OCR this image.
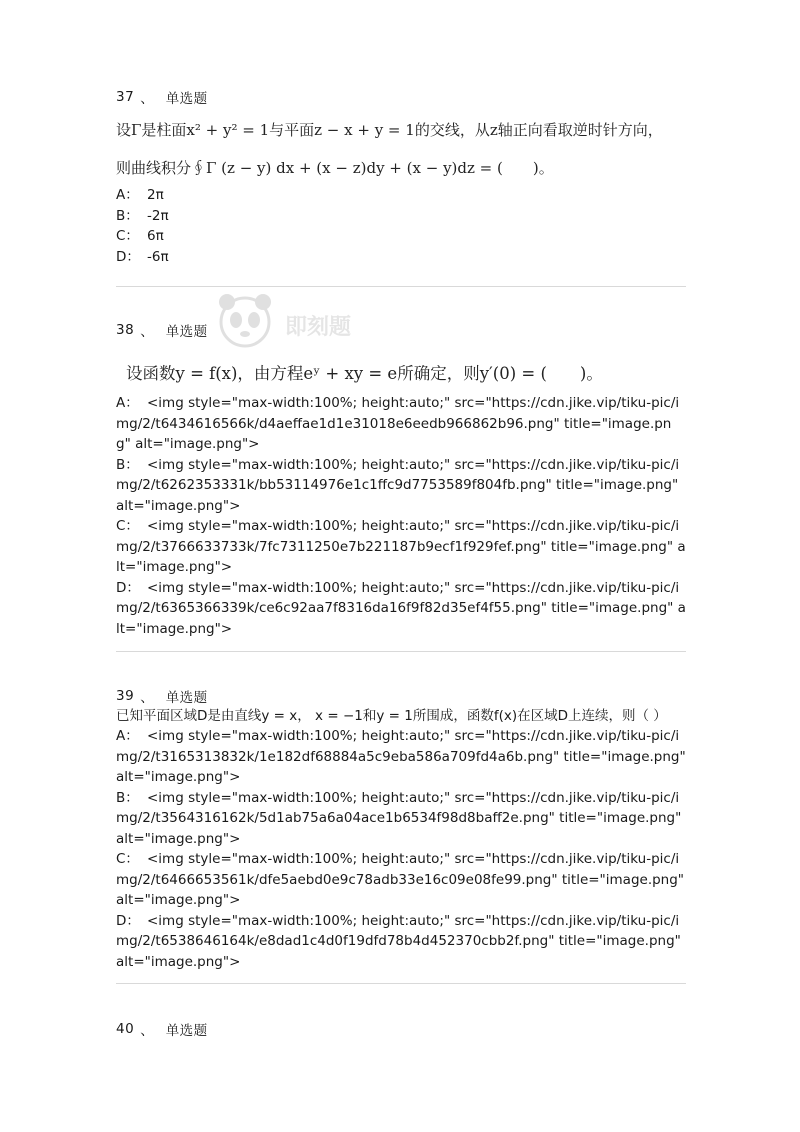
即刻题
37 、 单选题
设Γ是柱面x² + y² = 1与平面z − x + y = 1的交线，从z轴正向看取逆时针方向，
则曲线积分∮Γ (z − y) dx + (x − z)dy + (x − y)dz = (　　)。
A： 2π
B： -2π
C： 6π
D： -6π
38 、 单选题
设函数y = f(x)，由方程eʸ + xy = e所确定，则y′(0) = (　　)。
A： <img style="max-width:100%; height:auto;" src="https://cdn.jike.vip/tiku-pic/img/2/t6434616566k/d4aeffae1d1e31018e6eedb966862b96.png" title="image.png" alt="image.png">
B： <img style="max-width:100%; height:auto;" src="https://cdn.jike.vip/tiku-pic/img/2/t6262353331k/bb53114976e1c1ffc9d7753589f804fb.png" title="image.png" alt="image.png">
C： <img style="max-width:100%; height:auto;" src="https://cdn.jike.vip/tiku-pic/img/2/t3766633733k/7fc7311250e7b221187b9ecf1f929fef.png" title="image.png" alt="image.png">
D： <img style="max-width:100%; height:auto;" src="https://cdn.jike.vip/tiku-pic/img/2/t6365366339k/ce6c92aa7f8316da16f9f82d35ef4f55.png" title="image.png" alt="image.png">
39 、 单选题
已知平面区域D是由直线y = x， x = −1和y = 1所围成，函数f(x)在区域D上连续，则（ ）
A： <img style="max-width:100%; height:auto;" src="https://cdn.jike.vip/tiku-pic/img/2/t3165313832k/1e182df68884a5c9eba586a709fd4a6b.png" title="image.png" alt="image.png">
B： <img style="max-width:100%; height:auto;" src="https://cdn.jike.vip/tiku-pic/img/2/t3564316162k/5d1ab75a6a04ace1b6534f98d8baff2e.png" title="image.png" alt="image.png">
C： <img style="max-width:100%; height:auto;" src="https://cdn.jike.vip/tiku-pic/img/2/t6466653561k/dfe5aebd0e9c78adb33e16c09e08fe99.png" title="image.png" alt="image.png">
D： <img style="max-width:100%; height:auto;" src="https://cdn.jike.vip/tiku-pic/img/2/t6538646164k/e8dad1c4d0f19dfd78b4d452370cbb2f.png" title="image.png" alt="image.png">
40 、 单选题
